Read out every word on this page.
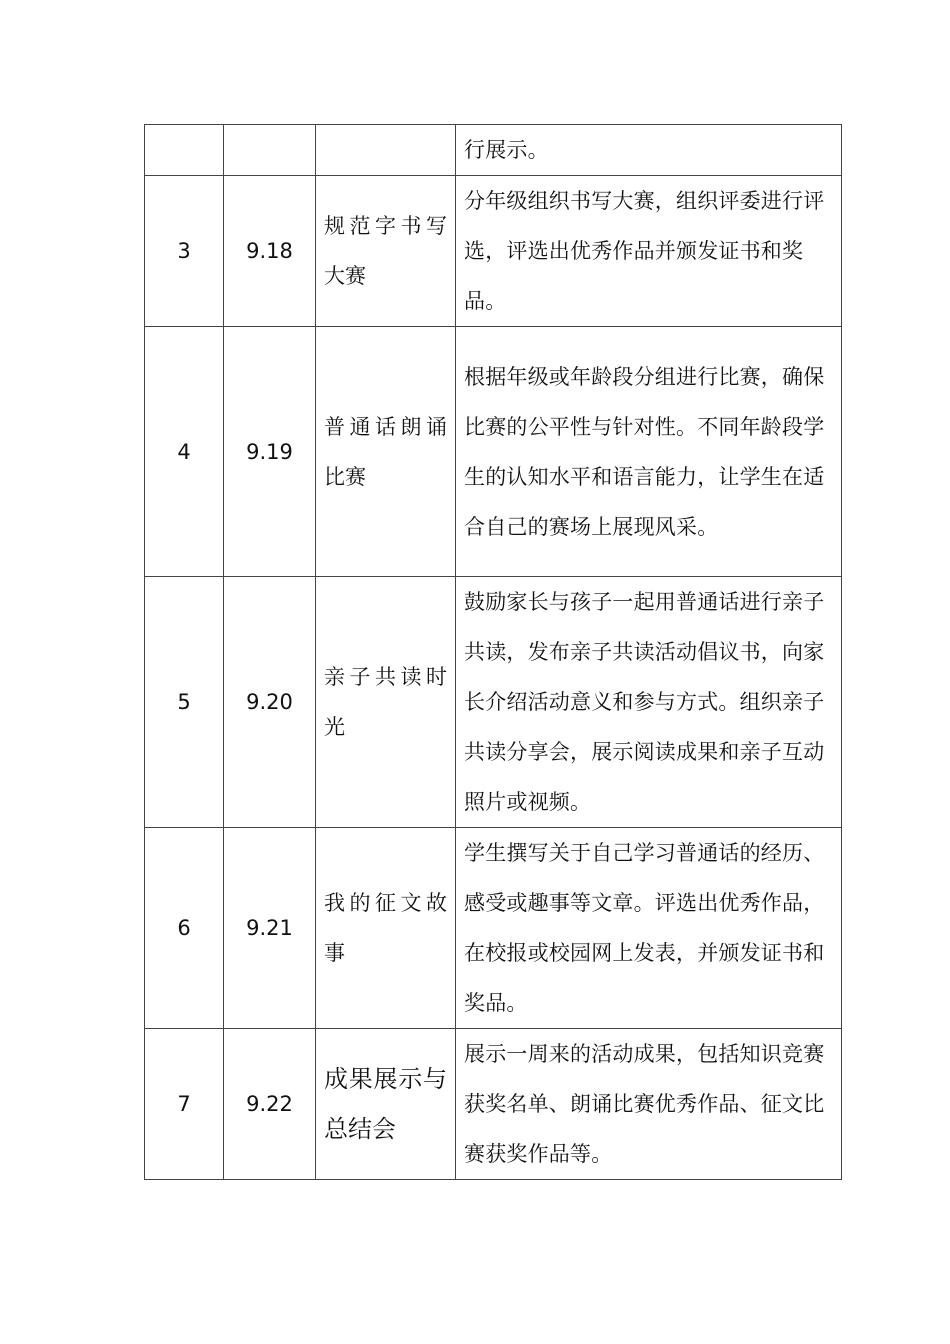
			行展示。

3	9.18	规范字书写大赛	分年级组织书写大赛，组织评委进行评选，评选出优秀作品并颁发证书和奖品。

4	9.19	普通话朗诵比赛	根据年级或年龄段分组进行比赛，确保比赛的公平性与针对性。不同年龄段学生的认知水平和语言能力，让学生在适合自己的赛场上展现风采。

5	9.20	亲子共读时光	鼓励家长与孩子一起用普通话进行亲子共读，发布亲子共读活动倡议书，向家长介绍活动意义和参与方式。组织亲子共读分享会，展示阅读成果和亲子互动照片或视频。

6	9.21	我的征文故事	学生撰写关于自己学习普通话的经历、感受或趣事等文章。评选出优秀作品，在校报或校园网上发表，并颁发证书和奖品。

7	9.22	成果展示与总结会	展示一周来的活动成果，包括知识竞赛获奖名单、朗诵比赛优秀作品、征文比赛获奖作品等。
